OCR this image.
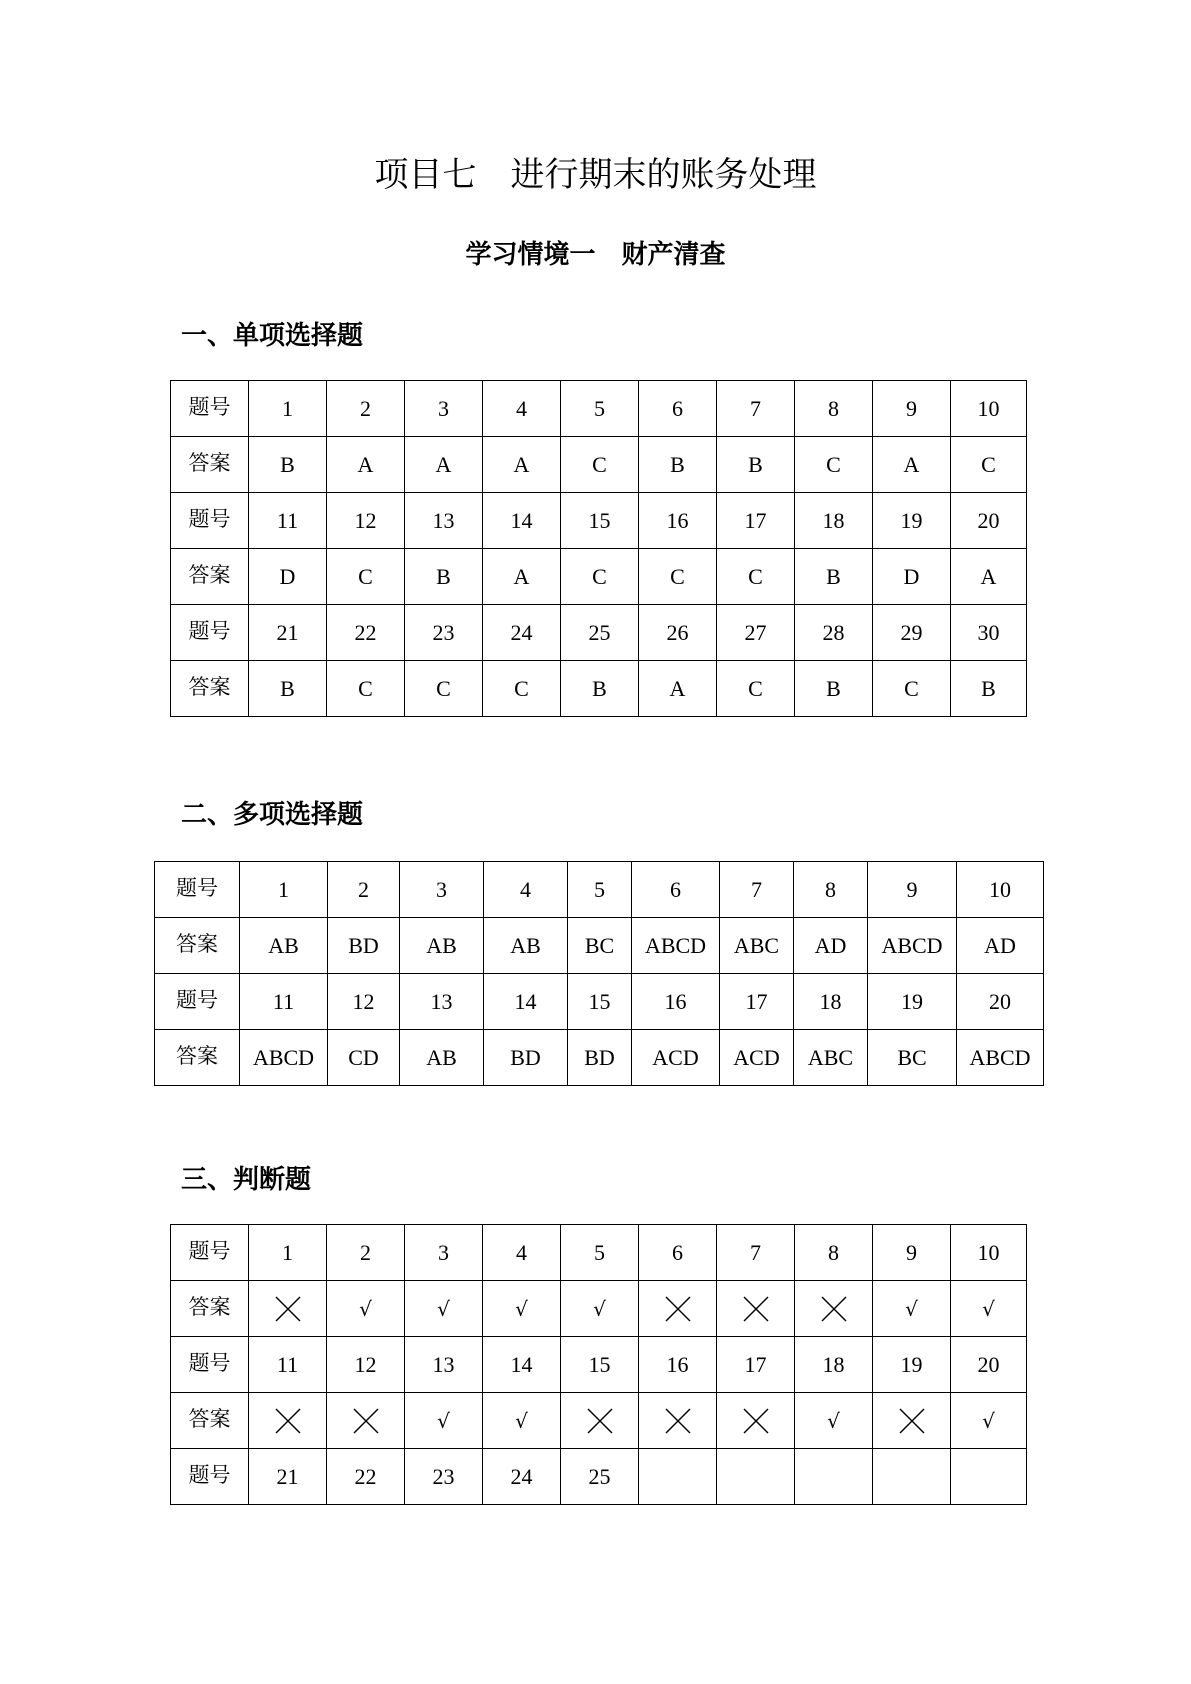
项目七　进行期末的账务处理
学习情境一　财产清查
一、单项选择题
题号	1	2	3	4	5	6	7	8	9	10
答案	B	A	A	A	C	B	B	C	A	C
题号	11	12	13	14	15	16	17	18	19	20
答案	D	C	B	A	C	C	C	B	D	A
题号	21	22	23	24	25	26	27	28	29	30
答案	B	C	C	C	B	A	C	B	C	B
二、多项选择题
题号	1	2	3	4	5	6	7	8	9	10
答案	AB	BD	AB	AB	BC	ABCD	ABC	AD	ABCD	AD
题号	11	12	13	14	15	16	17	18	19	20
答案	ABCD	CD	AB	BD	BD	ACD	ACD	ABC	BC	ABCD
三、判断题
题号	1	2	3	4	5	6	7	8	9	10
答案		√	√	√	√				√	√
题号	11	12	13	14	15	16	17	18	19	20
答案			√	√				√		√
题号	21	22	23	24	25					
